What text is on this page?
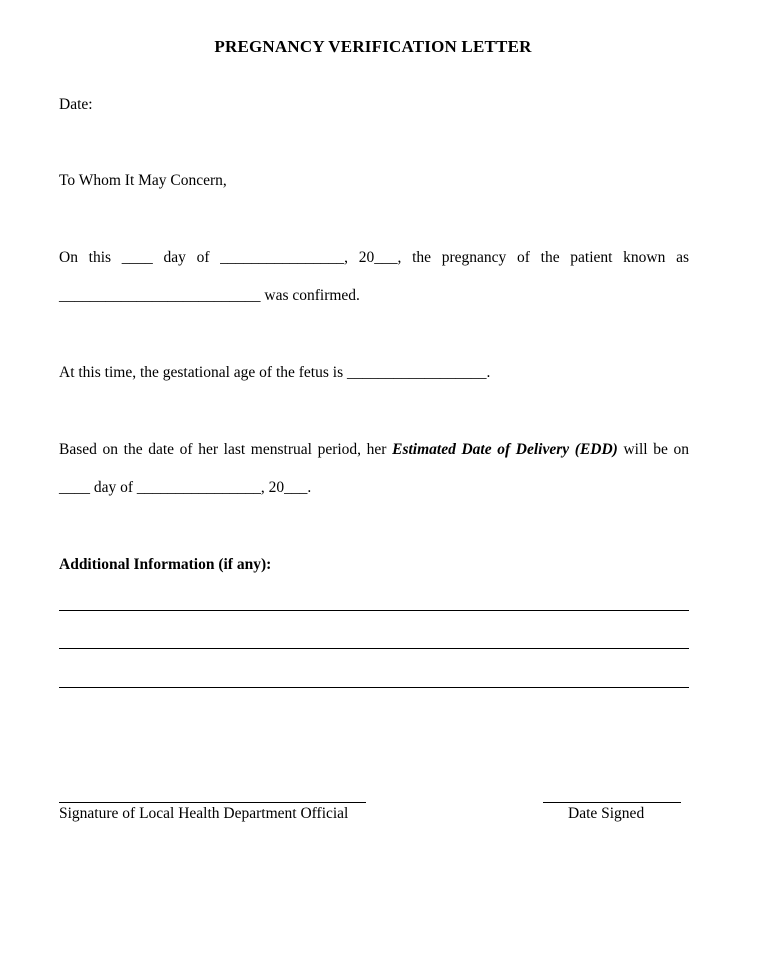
PREGNANCY VERIFICATION LETTER
Date:
To Whom It May Concern,
On this ____ day of ________________, 20___, the pregnancy of the patient known as
__________________________ was confirmed.
At this time, the gestational age of the fetus is __________________.
Based on the date of her last menstrual period, her Estimated Date of Delivery (EDD) will be on
____ day of ________________, 20___.
Additional Information (if any):
Signature of Local Health Department Official	Date Signed
